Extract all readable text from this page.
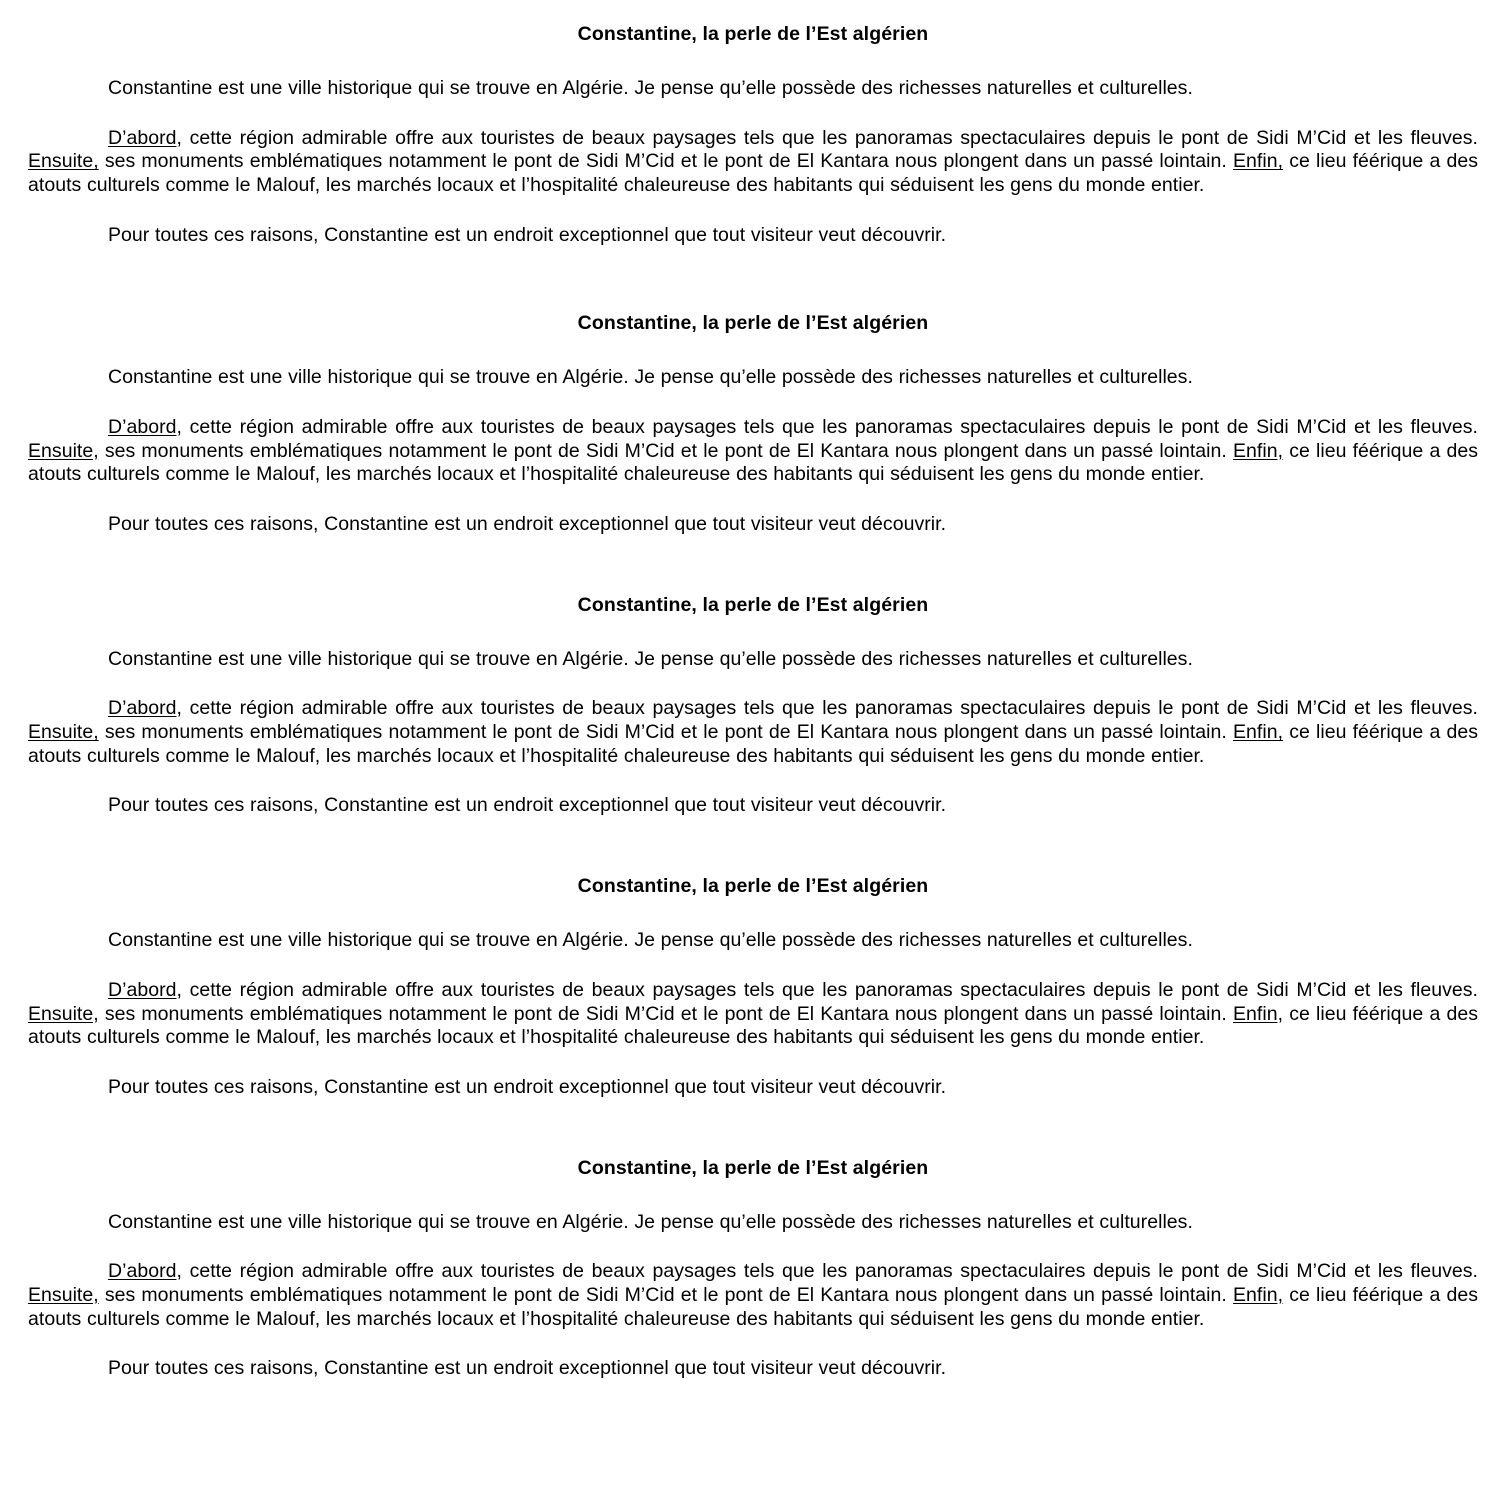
Constantine, la perle de l’Est algérien

Constantine est une ville historique qui se trouve en Algérie. Je pense qu’elle possède des richesses naturelles et culturelles.

D’abord, cette région admirable offre aux touristes de beaux paysages tels que les panoramas spectaculaires depuis le pont de Sidi M’Cid et les fleuves. Ensuite, ses monuments emblématiques notamment le pont de Sidi M’Cid et le pont de El Kantara nous plongent dans un passé lointain. Enfin, ce lieu féérique a des atouts culturels comme le Malouf, les marchés locaux et l’hospitalité chaleureuse des habitants qui séduisent les gens du monde entier.

Pour toutes ces raisons, Constantine est un endroit exceptionnel que tout visiteur veut découvrir.

Constantine, la perle de l’Est algérien

Constantine est une ville historique qui se trouve en Algérie. Je pense qu’elle possède des richesses naturelles et culturelles.

D’abord, cette région admirable offre aux touristes de beaux paysages tels que les panoramas spectaculaires depuis le pont de Sidi M’Cid et les fleuves. Ensuite, ses monuments emblématiques notamment le pont de Sidi M’Cid et le pont de El Kantara nous plongent dans un passé lointain. Enfin, ce lieu féérique a des atouts culturels comme le Malouf, les marchés locaux et l’hospitalité chaleureuse des habitants qui séduisent les gens du monde entier.

Pour toutes ces raisons, Constantine est un endroit exceptionnel que tout visiteur veut découvrir.

Constantine, la perle de l’Est algérien

Constantine est une ville historique qui se trouve en Algérie. Je pense qu’elle possède des richesses naturelles et culturelles.

D’abord, cette région admirable offre aux touristes de beaux paysages tels que les panoramas spectaculaires depuis le pont de Sidi M’Cid et les fleuves. Ensuite, ses monuments emblématiques notamment le pont de Sidi M’Cid et le pont de El Kantara nous plongent dans un passé lointain. Enfin, ce lieu féérique a des atouts culturels comme le Malouf, les marchés locaux et l’hospitalité chaleureuse des habitants qui séduisent les gens du monde entier.

Pour toutes ces raisons, Constantine est un endroit exceptionnel que tout visiteur veut découvrir.

Constantine, la perle de l’Est algérien

Constantine est une ville historique qui se trouve en Algérie. Je pense qu’elle possède des richesses naturelles et culturelles.

D’abord, cette région admirable offre aux touristes de beaux paysages tels que les panoramas spectaculaires depuis le pont de Sidi M’Cid et les fleuves. Ensuite, ses monuments emblématiques notamment le pont de Sidi M’Cid et le pont de El Kantara nous plongent dans un passé lointain. Enfin, ce lieu féérique a des atouts culturels comme le Malouf, les marchés locaux et l’hospitalité chaleureuse des habitants qui séduisent les gens du monde entier.

Pour toutes ces raisons, Constantine est un endroit exceptionnel que tout visiteur veut découvrir.

Constantine, la perle de l’Est algérien

Constantine est une ville historique qui se trouve en Algérie. Je pense qu’elle possède des richesses naturelles et culturelles.

D’abord, cette région admirable offre aux touristes de beaux paysages tels que les panoramas spectaculaires depuis le pont de Sidi M’Cid et les fleuves. Ensuite, ses monuments emblématiques notamment le pont de Sidi M’Cid et le pont de El Kantara nous plongent dans un passé lointain. Enfin, ce lieu féérique a des atouts culturels comme le Malouf, les marchés locaux et l’hospitalité chaleureuse des habitants qui séduisent les gens du monde entier.

Pour toutes ces raisons, Constantine est un endroit exceptionnel que tout visiteur veut découvrir.
